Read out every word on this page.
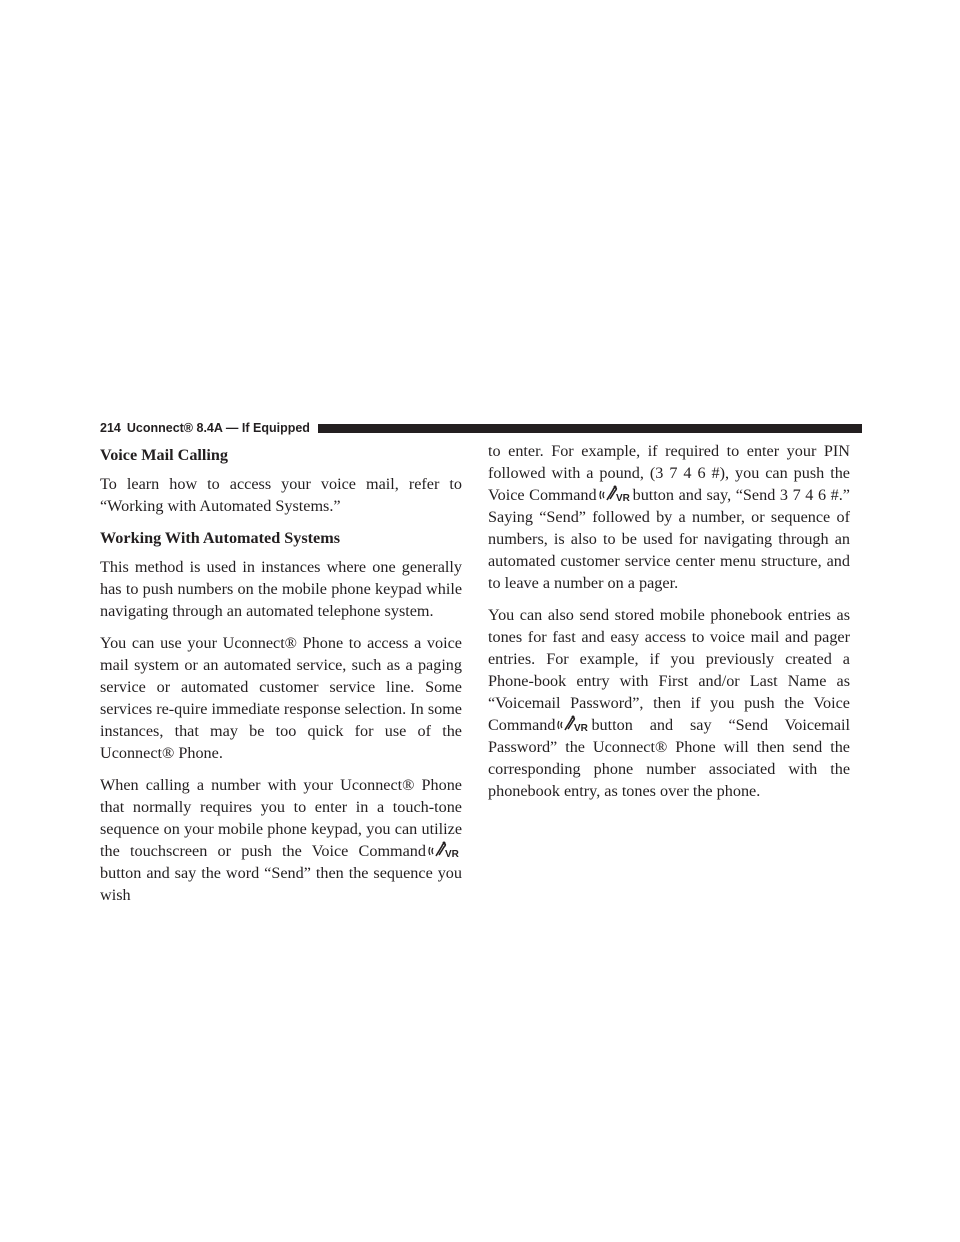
214 Uconnect® 8.4A — If Equipped
Voice Mail Calling

To learn how to access your voice mail, refer to “Working with Automated Systems.”

Working With Automated Systems

This method is used in instances where one generally has to push numbers on the mobile phone keypad while navigating through an automated telephone system.

You can use your Uconnect® Phone to access a voice mail system or an automated service, such as a paging service or automated customer service line. Some services re-quire immediate response selection. In some instances, that may be too quick for use of the Uconnect® Phone.

When calling a number with your Uconnect® Phone that normally requires you to enter in a touch-tone sequence on your mobile phone keypad, you can utilize the touchscreen or push the Voice Command VR
button and say the word “Send” then the sequence you wish

to enter. For example, if required to enter your PIN followed with a pound, (3 7 4 6 #), you can push the Voice Command VR button and say, “Send 3 7 4 6 #.” Saying “Send” followed by a number, or sequence of numbers, is also to be used for navigating through an automated customer service center menu structure, and to leave a number on a pager.

You can also send stored mobile phonebook entries as tones for fast and easy access to voice mail and pager entries. For example, if you previously created a Phone-book entry with First and/or Last Name as “Voicemail Password”, then if you push the Voice Command VR button and say “Send Voicemail Password” the Uconnect® Phone will then send the corresponding phone number associated with the phonebook entry, as tones over the phone.
